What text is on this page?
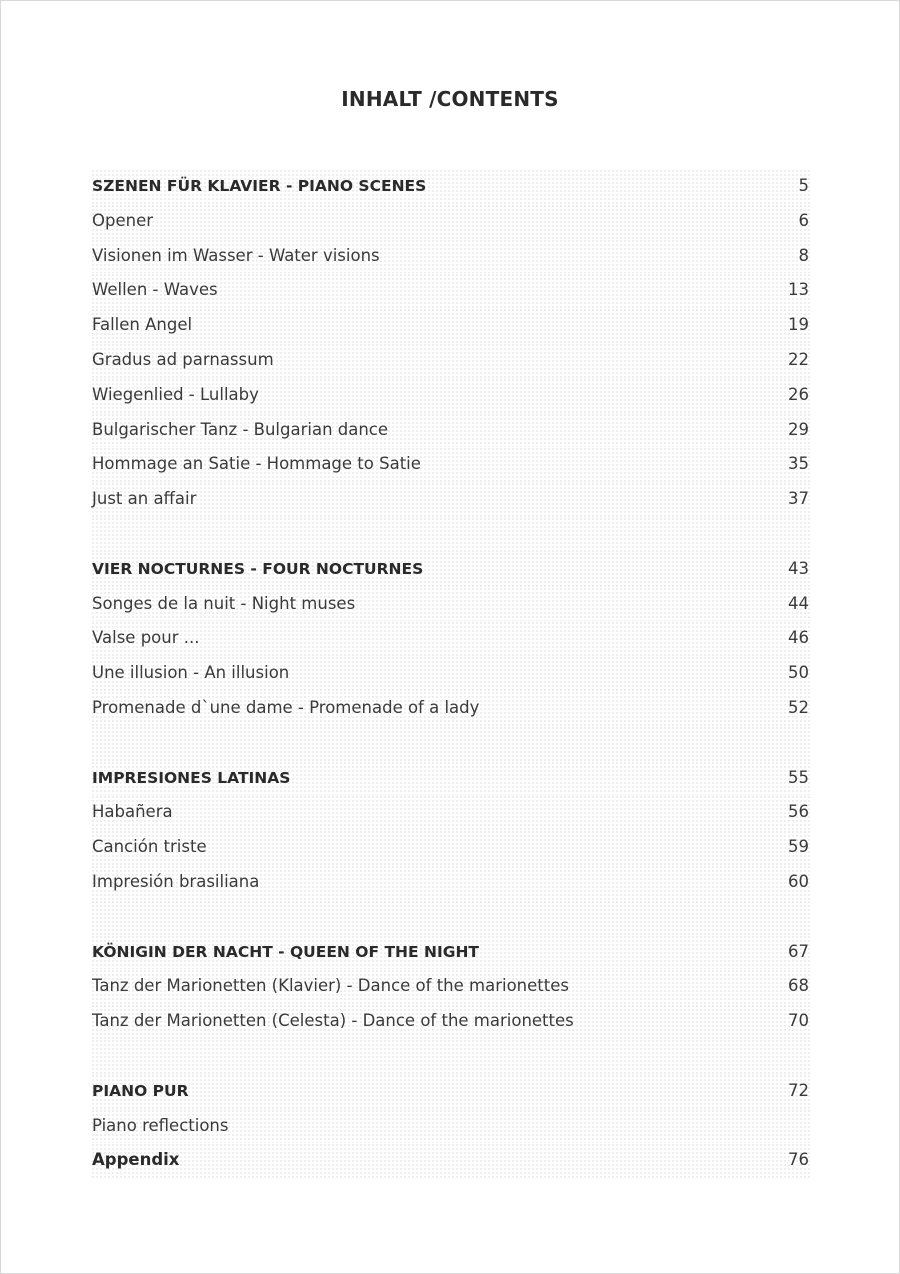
INHALT /CONTENTS
SZENEN FÜR KLAVIER - PIANO SCENES	5
Opener	6
Visionen im Wasser - Water visions	8
Wellen - Waves	13
Fallen Angel	19
Gradus ad parnassum	22
Wiegenlied - Lullaby	26
Bulgarischer Tanz - Bulgarian dance	29
Hommage an Satie - Hommage to Satie	35
Just an affair	37
VIER NOCTURNES - FOUR NOCTURNES	43
Songes de la nuit - Night muses	44
Valse pour ...	46
Une illusion - An illusion	50
Promenade d`une dame - Promenade of a lady	52
IMPRESIONES LATINAS	55
Habañera	56
Canción triste	59
Impresión brasiliana	60
KÖNIGIN DER NACHT - QUEEN OF THE NIGHT	67
Tanz der Marionetten (Klavier) - Dance of the marionettes	68
Tanz der Marionetten (Celesta) - Dance of the marionettes	70
PIANO PUR	72
Piano reflections
Appendix	76
